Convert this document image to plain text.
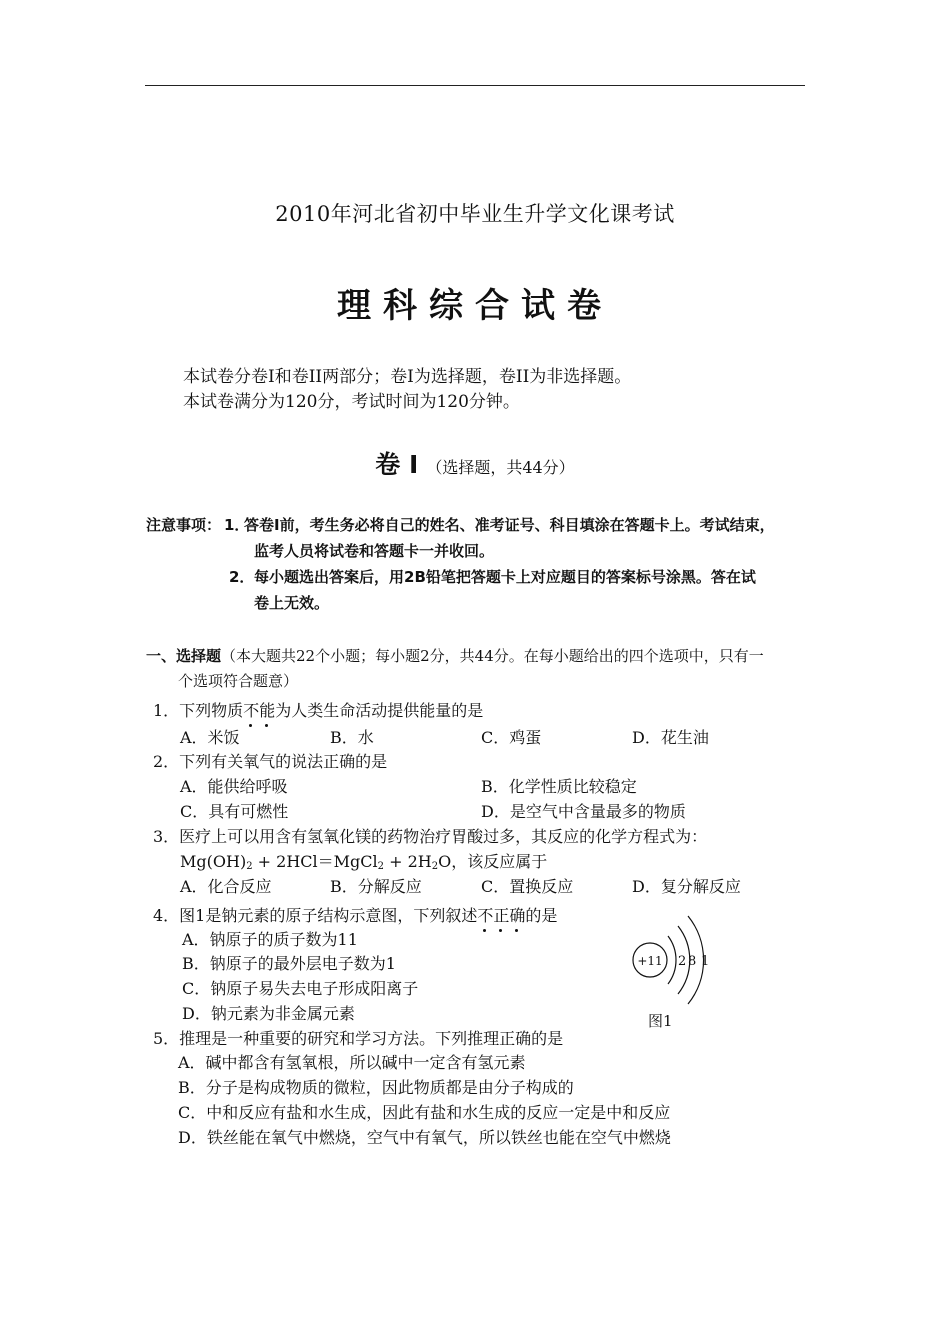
2010年河北省初中毕业生升学文化课考试
理科综合试卷
本试卷分卷I和卷II两部分；卷I为选择题，卷II为非选择题。
本试卷满分为120分，考试时间为120分钟。
卷 I （选择题，共44分）
注意事项： 1．
答卷Ⅰ前，考生务必将自己的姓名、准考证号、科目填涂在答题卡上。考试结束，
监考人员将试卷和答题卡一并收回。
2． 每小题选出答案后，用2B铅笔把答题卡上对应题目的答案标号涂黑。答在试
卷上无效。
一、选择题（本大题共22个小题；每小题2分，共44分。在每小题给出的四个选项中，只有一
个选项符合题意）
1．下列物质不能
为人类生命活动提供能量的是
A．米饭	B．水	C．鸡蛋	D．花生油
2．下列有关氧气的说法正确的是
A．能供给呼吸	B．化学性质比较稳定
C．具有可燃性	D．是空气中含量最多的物质
3．医疗上可以用含有氢氧化镁的药物治疗胃酸过多，其反应的化学方程式为：
$Mg(OH)_2$ + 2HCl＝MgCl$_2$ + $2H_2O$，该反应属于
A．化合反应	B．分解反应	C．置换反应	D．复分解反应
4．图1是钠元素的原子结构示意图，下列叙述不正确
的是
A．钠原子的质子数为11
B．钠原子的最外层电子数为1
C．钠原子易失去电子形成阳离子
D．钠元素为非金属元素
+11 2 8 1
图1
5．推理是一种重要的研究和学习方法。下列推理正确的是
A．碱中都含有氢氧根，所以碱中一定含有氢元素
B．分子是构成物质的微粒，因此物质都是由分子构成的
C．中和反应有盐和水生成，因此有盐和水生成的反应一定是中和反应
D．铁丝能在氧气中燃烧，空气中有氧气，所以铁丝也能在空气中燃烧
